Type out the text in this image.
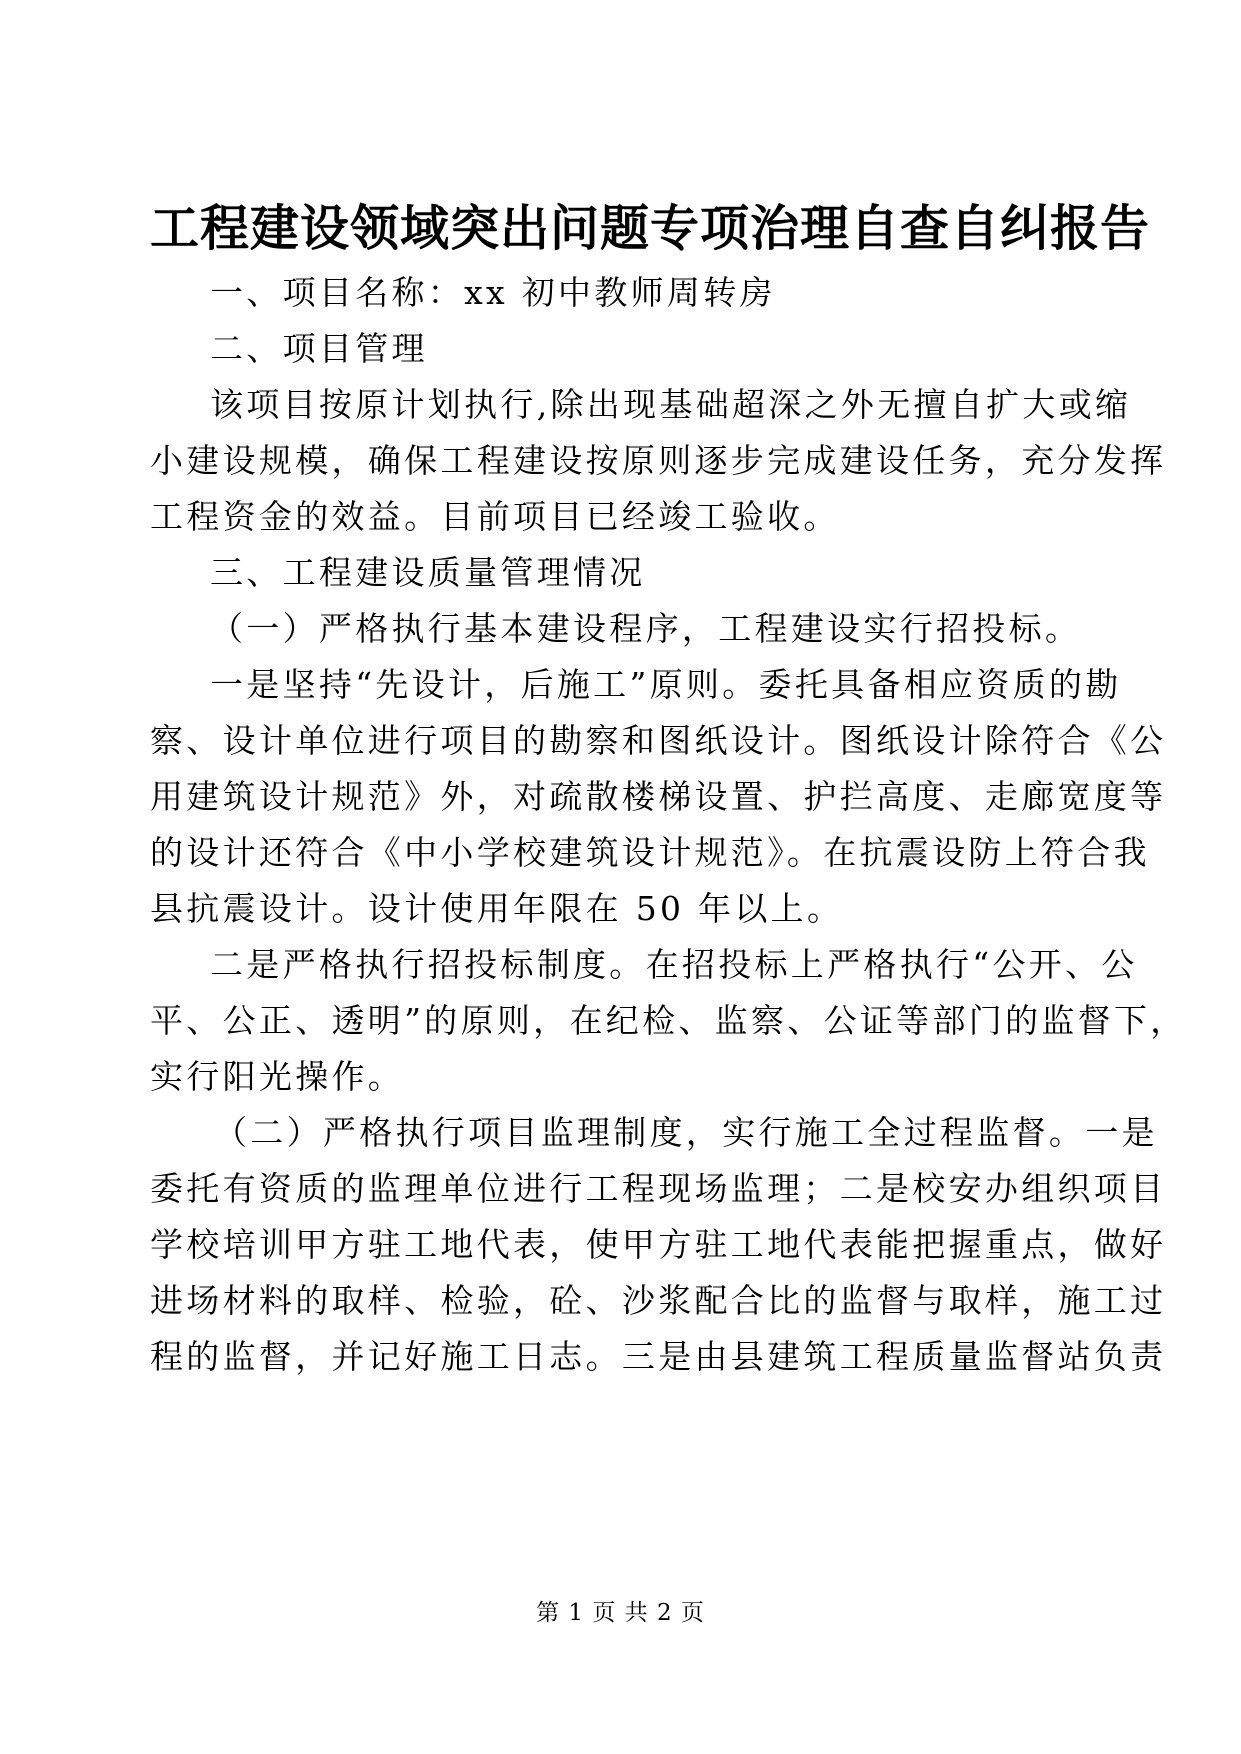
工程建设领域突出问题专项治理自查自纠报告
一、项目名称：xx 初中教师周转房
二、项目管理
该项目按原计划执行,除出现基础超深之外无擅自扩大或缩
小建设规模，确保工程建设按原则逐步完成建设任务，充分发挥
工程资金的效益。目前项目已经竣工验收。
三、工程建设质量管理情况
（一）严格执行基本建设程序，工程建设实行招投标。
一是坚持“先设计，后施工”原则。委托具备相应资质的勘
察、设计单位进行项目的勘察和图纸设计。图纸设计除符合《公
用建筑设计规范》外，对疏散楼梯设置、护拦高度、走廊宽度等
的设计还符合《中小学校建筑设计规范》。在抗震设防上符合我
县抗震设计。设计使用年限在 50 年以上。
二是严格执行招投标制度。在招投标上严格执行“公开、公
平、公正、透明”的原则，在纪检、监察、公证等部门的监督下，
实行阳光操作。
（二）严格执行项目监理制度，实行施工全过程监督。一是
委托有资质的监理单位进行工程现场监理；二是校安办组织项目
学校培训甲方驻工地代表，使甲方驻工地代表能把握重点，做好
进场材料的取样、检验，砼、沙浆配合比的监督与取样，施工过
程的监督，并记好施工日志。三是由县建筑工程质量监督站负责
第 1 页 共 2 页
